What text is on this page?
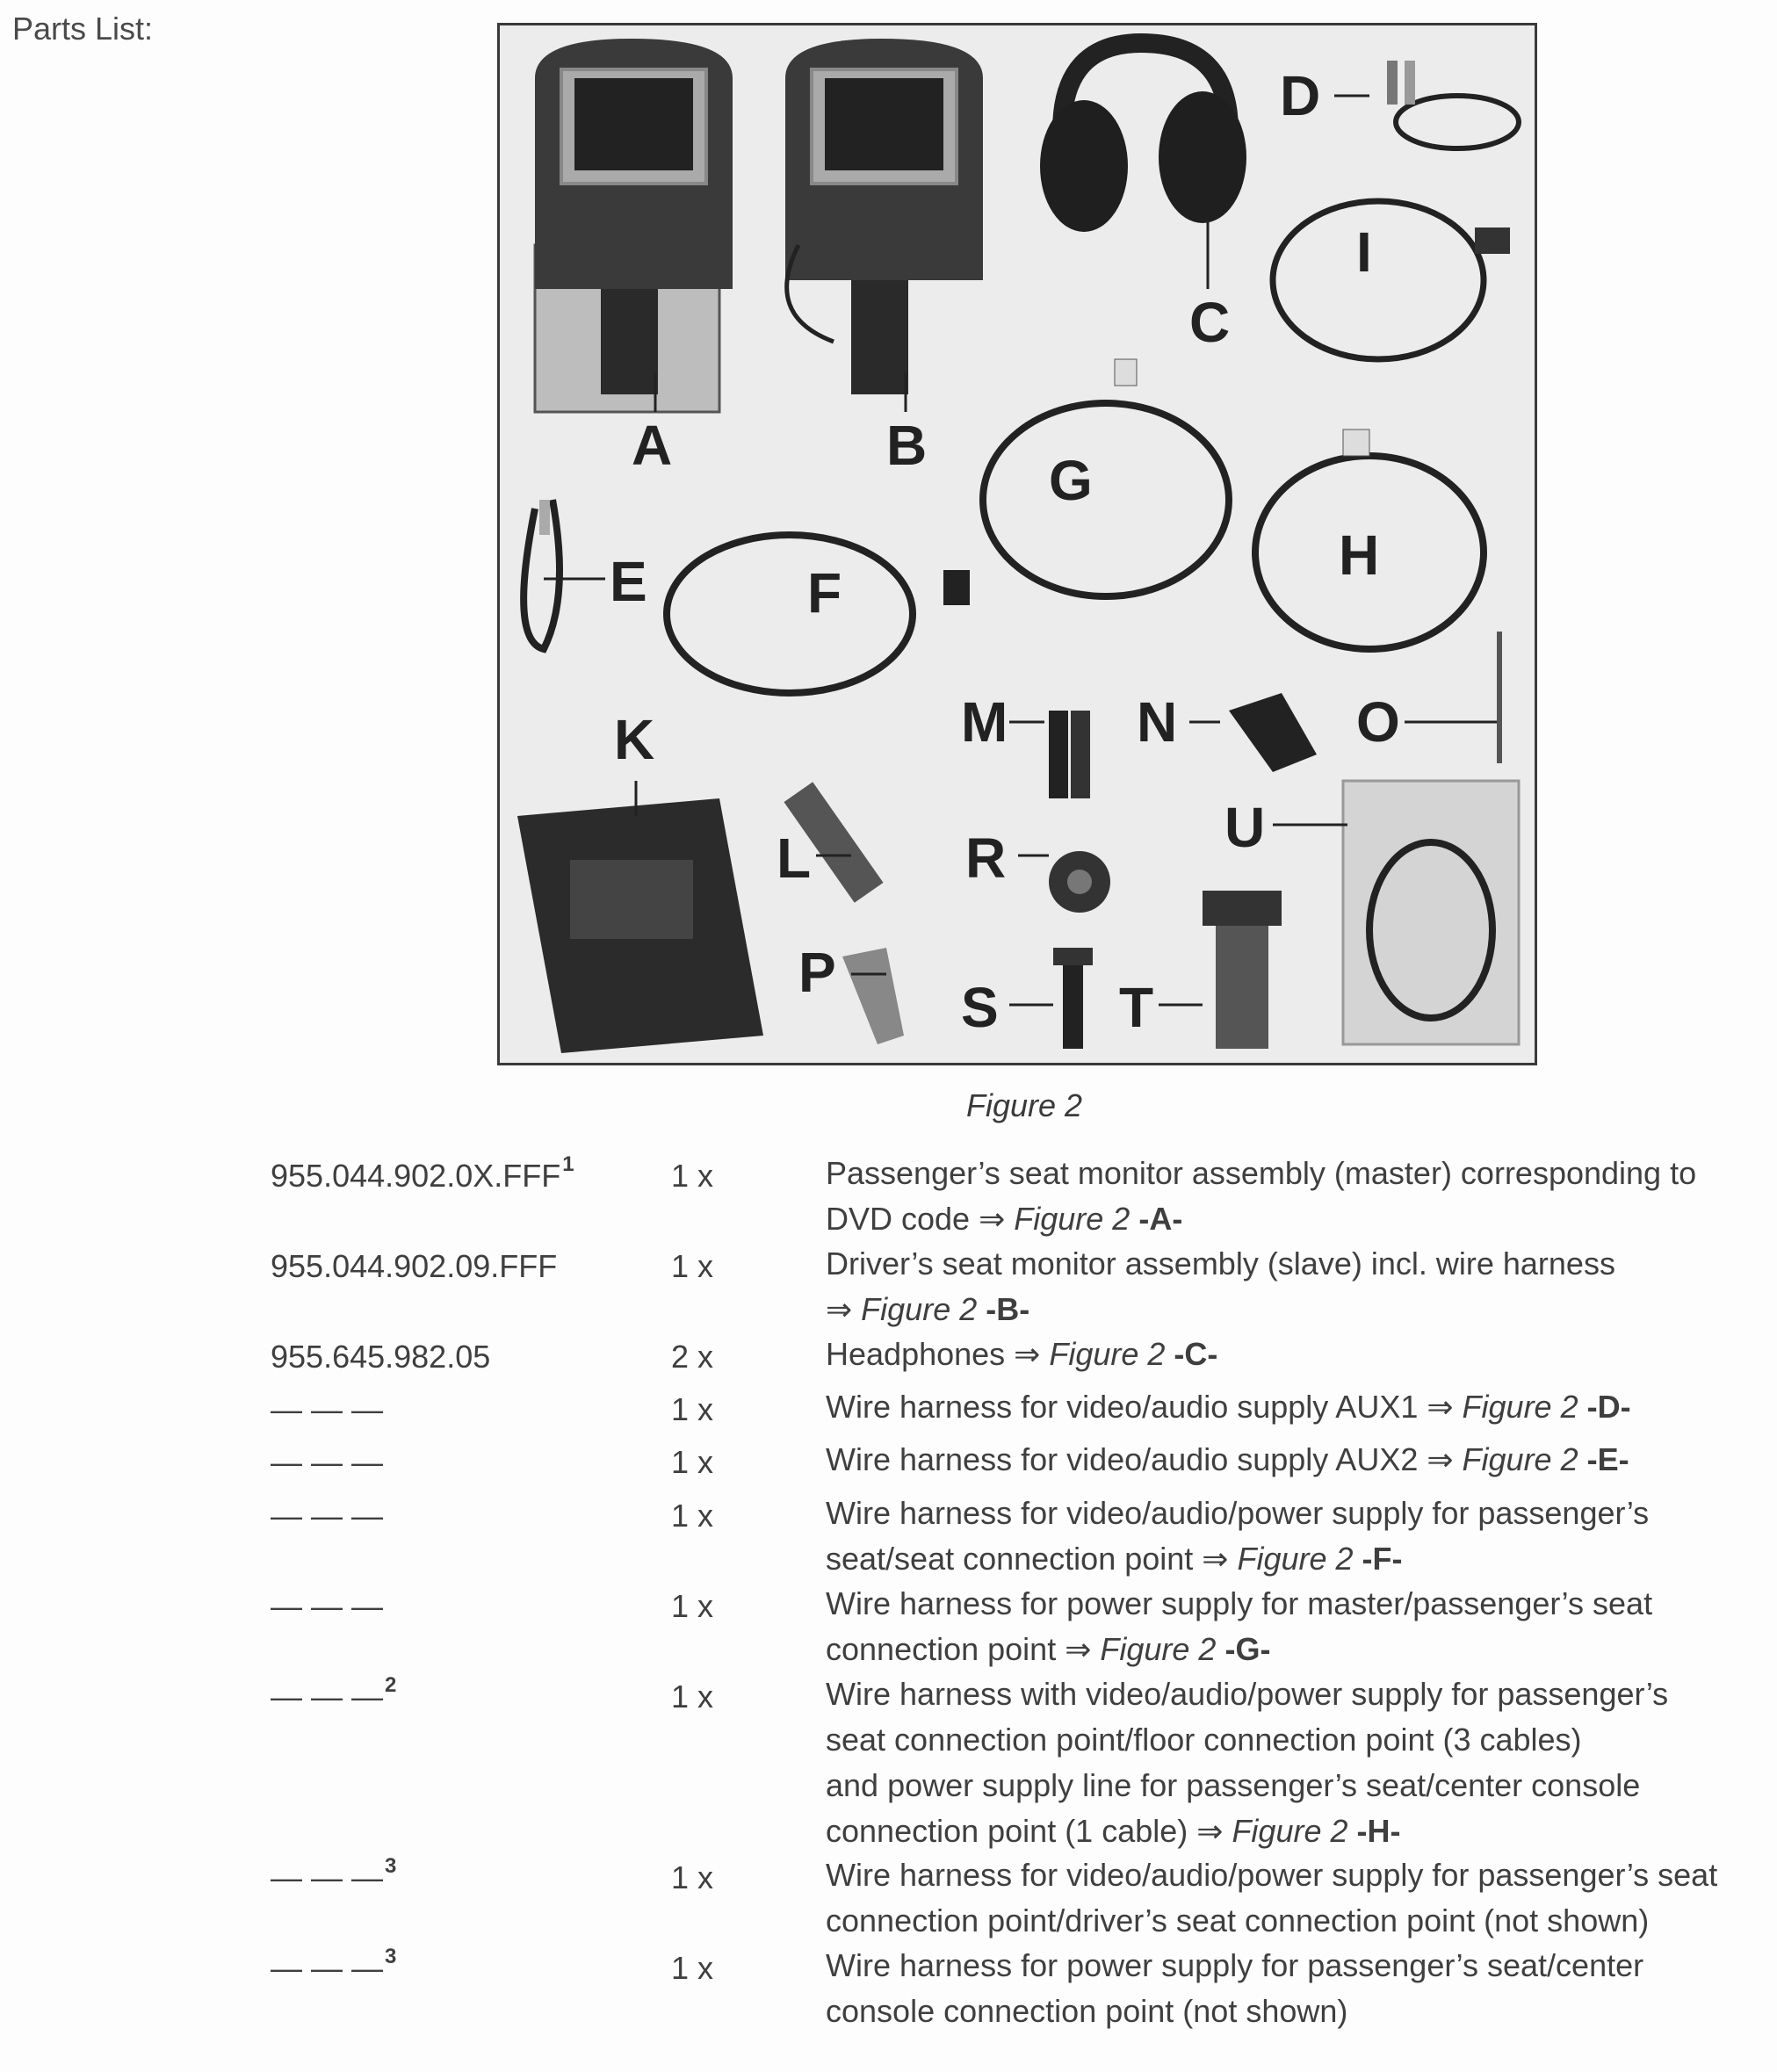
Parts List:
A	B
C
D
E	F
G
H
I
K
L
M N	O
P
R
S T
U
Figure 2
955.044.902.0X.FFF$^1$	1 x	Passenger’s seat monitor assembly (master) corresponding to
DVD code ⇒ Figure 2 -A-
955.044.902.09.FFF	1 x	Driver’s seat monitor assembly (slave) incl. wire harness
⇒ Figure 2 -B-
955.645.982.05	2 x	Headphones ⇒ Figure 2 -C-
— — —	1 x	Wire harness for video/audio supply AUX1 ⇒ Figure 2 -D-
— — —	1 x	Wire harness for video/audio supply AUX2 ⇒ Figure 2 -E-
— — —	1 x	Wire harness for video/audio/power supply for passenger’s
seat/seat connection point ⇒ Figure 2 -F-
— — —	1 x	Wire harness for power supply for master/passenger’s seat
connection point ⇒ Figure 2 -G-
— — —$^2$	1 x	Wire harness with video/audio/power supply for passenger’s
seat connection point/floor connection point (3 cables)
and power supply line for passenger’s seat/center console
connection point (1 cable) ⇒ Figure 2 -H-
— — —$^3$	1 x	Wire harness for video/audio/power supply for passenger’s seat
connection point/driver’s seat connection point (not shown)
— — —$^3$	1 x	Wire harness for power supply for passenger’s seat/center
console connection point (not shown)
